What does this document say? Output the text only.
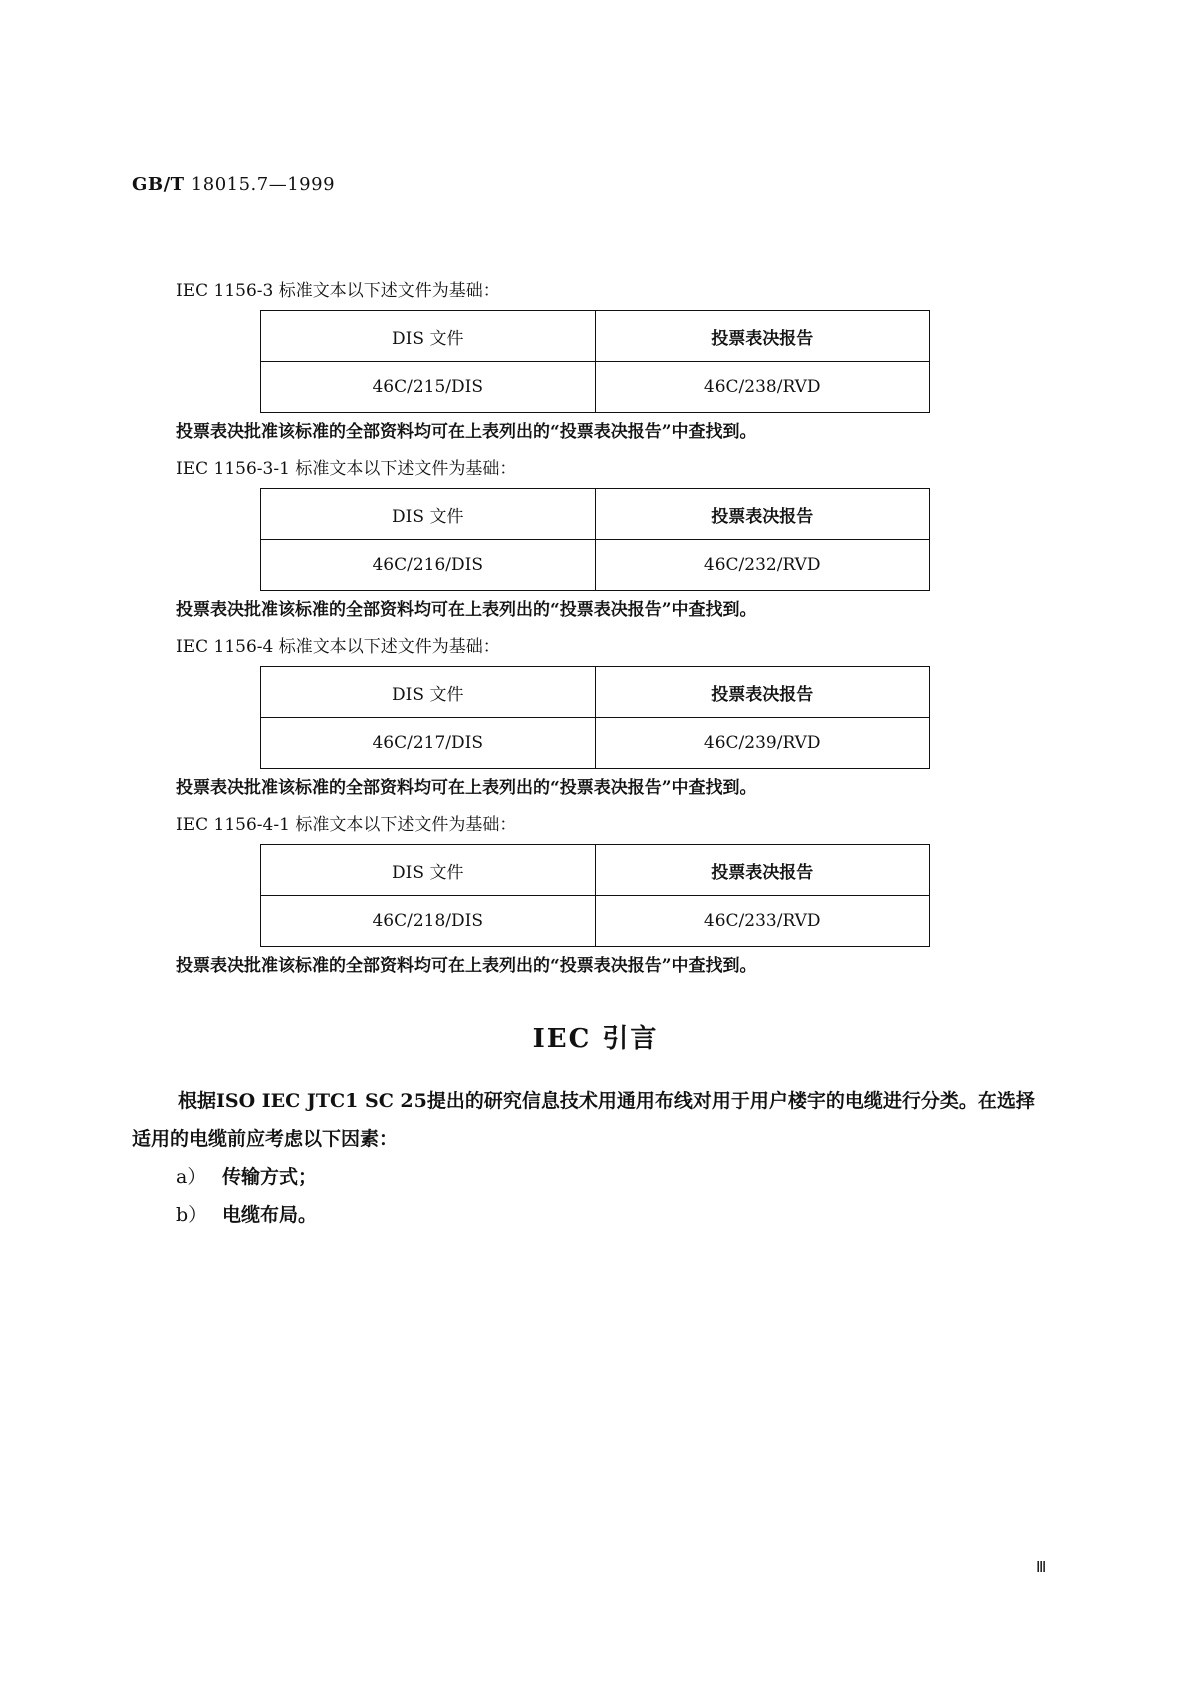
GB/T 18015.7—1999
IEC 1156-3 标准文本以下述文件为基础：
DIS 文件	投票表决报告
46C/215/DIS	46C/238/RVD
投票表决批准该标准的全部资料均可在上表列出的“投票表决报告”中查找到。
IEC 1156-3-1 标准文本以下述文件为基础：
DIS 文件	投票表决报告
46C/216/DIS	46C/232/RVD
投票表决批准该标准的全部资料均可在上表列出的“投票表决报告”中查找到。
IEC 1156-4 标准文本以下述文件为基础：
DIS 文件	投票表决报告
46C/217/DIS	46C/239/RVD
投票表决批准该标准的全部资料均可在上表列出的“投票表决报告”中查找到。
IEC 1156-4-1 标准文本以下述文件为基础：
DIS 文件	投票表决报告
46C/218/DIS	46C/233/RVD
投票表决批准该标准的全部资料均可在上表列出的“投票表决报告”中查找到。
IEC 引言
根据ISO IEC JTC1 SC 25提出的研究信息技术用通用布线对用于用户楼宇的电缆进行分类。在选择适用的电缆前应考虑以下因素：
a） 传输方式；
b） 电缆布局。
Ⅲ
